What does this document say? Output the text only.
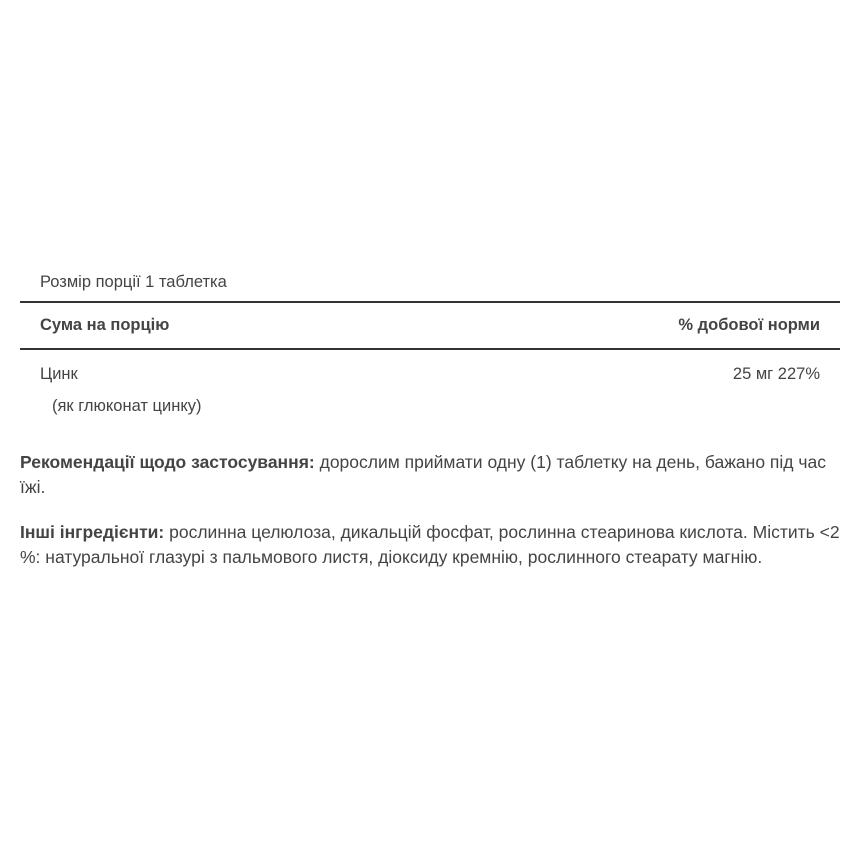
Розмір порції 1 таблетка
Сума на порцію	% добової норми
Цинк	25 мг 227%
(як глюконат цинку)

Рекомендації щодо застосування: дорослим приймати одну (1) таблетку на день, бажано під час їжі.

Інші інгредієнти: рослинна целюлоза, дикальцій фосфат, рослинна стеаринова кислота. Містить <2 %: натуральної глазурі з пальмового листя, діоксиду кремнію, рослинного стеарату магнію.
